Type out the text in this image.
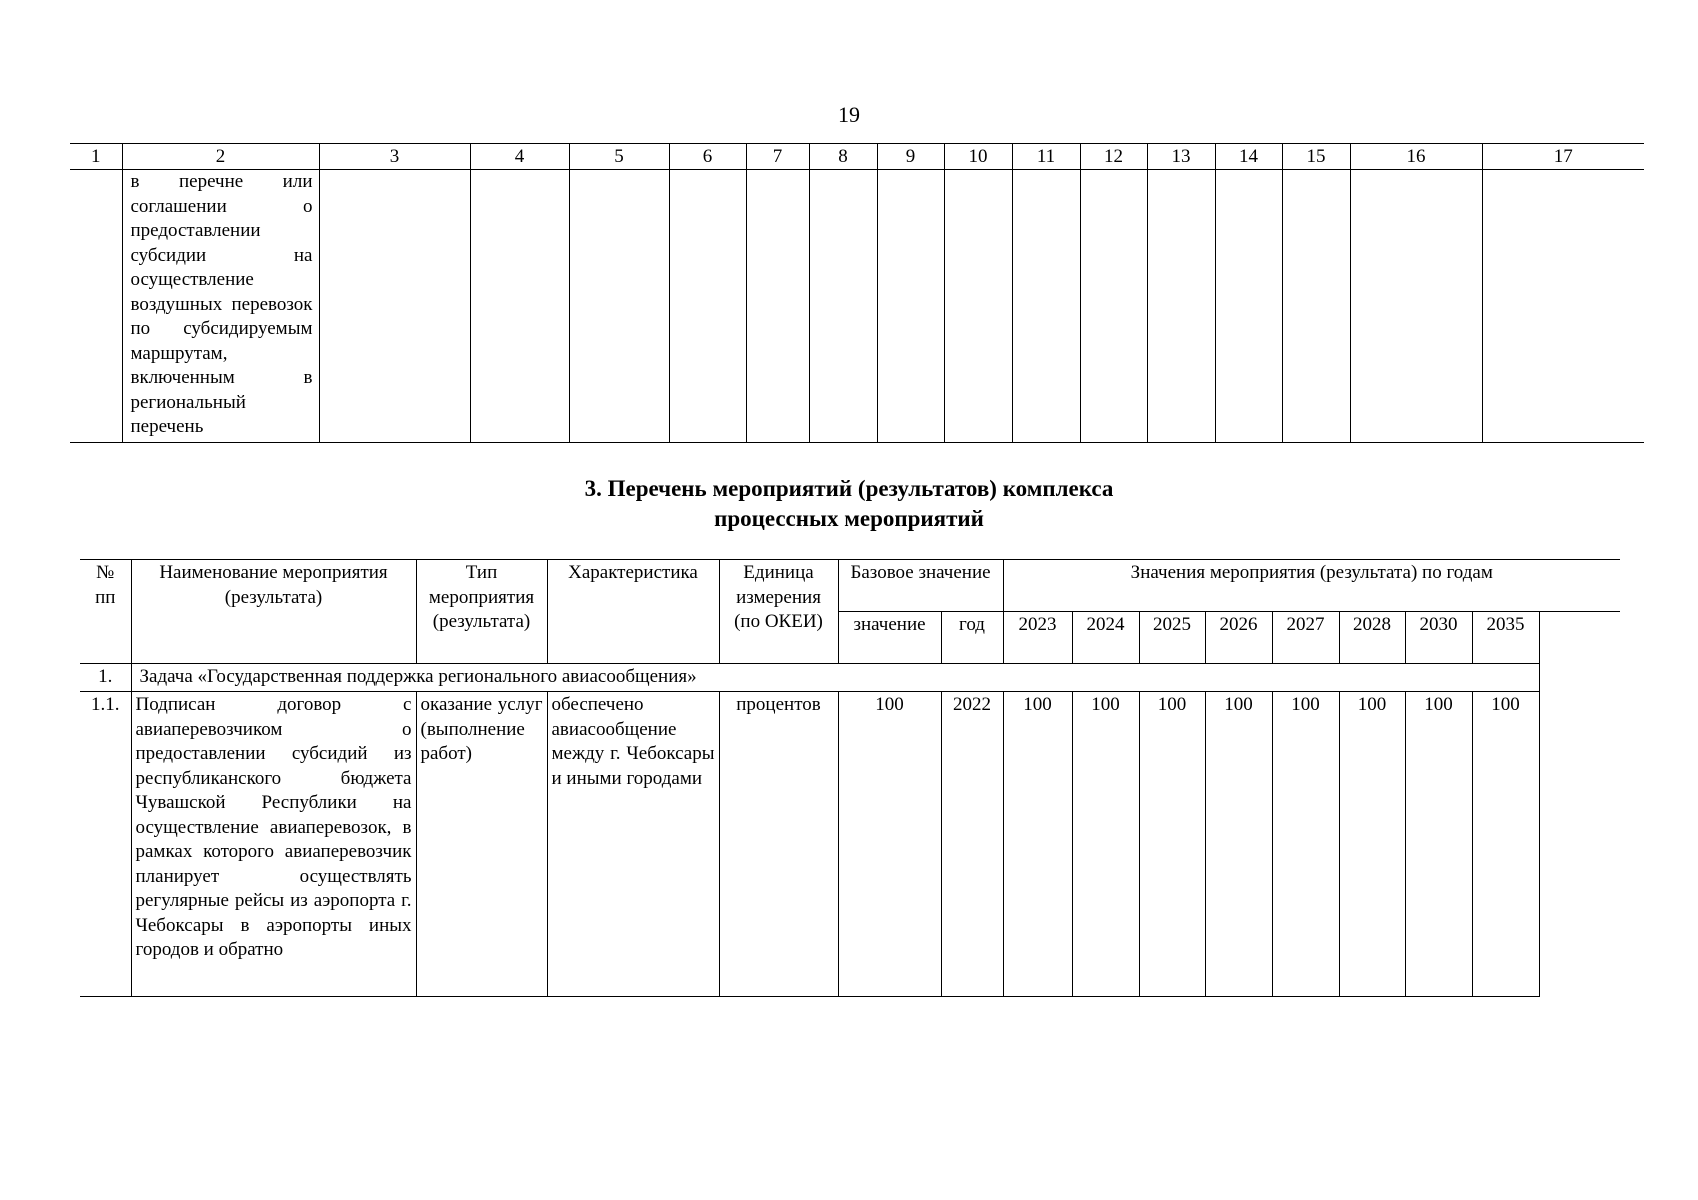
19
1	2	3	4	5	6	7	8	9	10	11	12	13	14	15	16	17
	в перечне или соглашении о предоставлении субсидии на осуществление воздушных перевозок по субсидируемым маршрутам, включенным в региональный перечень															
3. Перечень мероприятий (результатов) комплекса
процессных мероприятий
№ пп	Наименование мероприятия (результата)	Тип мероприятия (результата)	Характеристика	Единица измерения (по ОКЕИ)	Базовое значение		Значения мероприятия (результата) по годам								
					значение	год	2023	2024	2025	2026	2027	2028	2030	2035	
1.	Задача «Государственная поддержка регионального авиасообщения»														
1.1.	Подписан договор с авиаперевозчиком о предоставлении субсидий из республиканского бюджета Чувашской Республики на осуществление авиаперевозок, в рамках которого авиаперевозчик планирует осуществлять регулярные рейсы из аэропорта г. Чебоксары в аэропорты иных городов и обратно	оказание услуг (выполнение работ)	обеспечено авиасообщение между г. Чебоксары и иными городами	процентов	100	2022	100	100	100	100	100	100	100	100	
